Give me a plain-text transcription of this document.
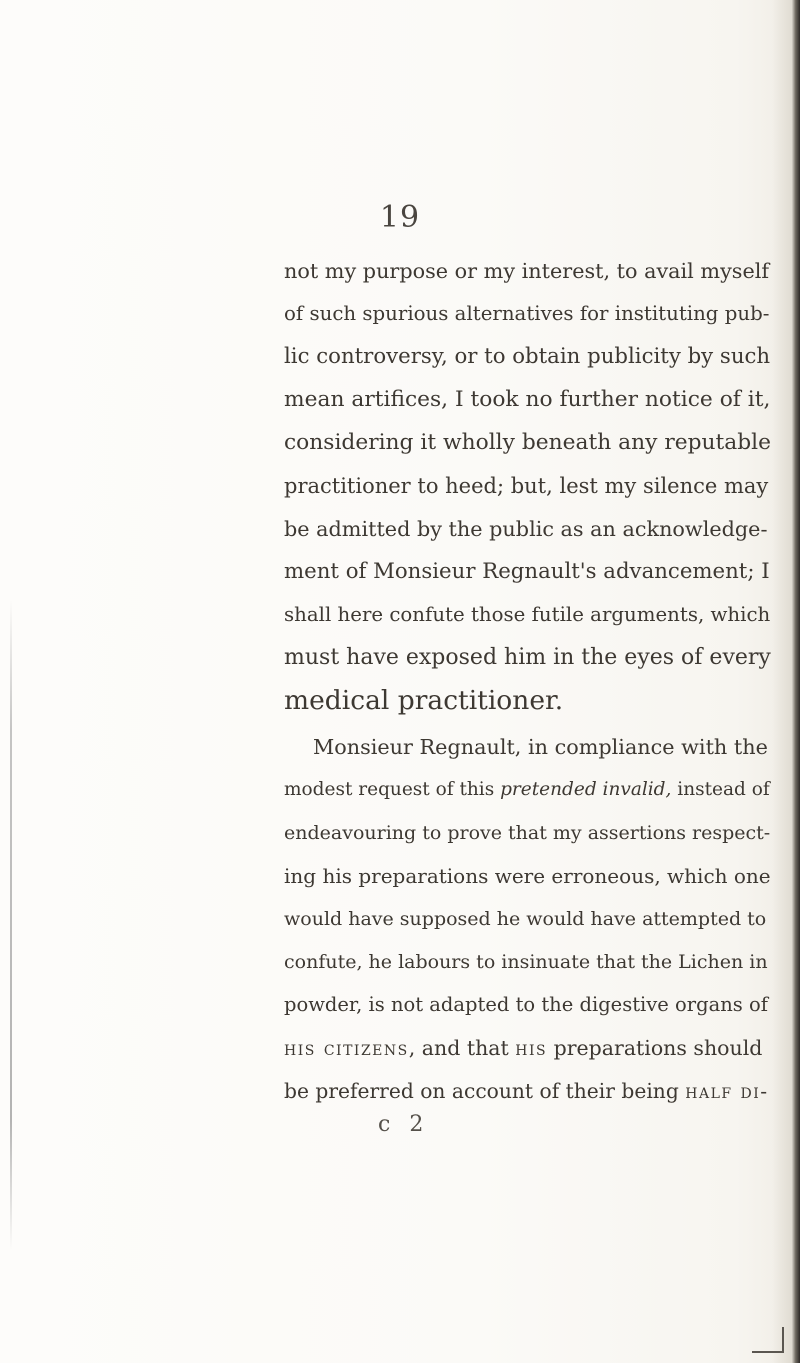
19
not my purpose or my interest, to avail myself
of such spurious alternatives for instituting pub-
lic controversy, or to obtain publicity by such
mean artifices, I took no further notice of it,
considering it wholly beneath any reputable
practitioner to heed; but, lest my silence may
be admitted by the public as an acknowledge-
ment of Monsieur Regnault's advancement; I
shall here confute those futile arguments, which
must have exposed him in the eyes of every
medical practitioner.
Monsieur Regnault, in compliance with the
modest request of this pretended invalid, instead of
endeavouring to prove that my assertions respect-
ing his preparations were erroneous, which one
would have supposed he would have attempted to
confute, he labours to insinuate that the Lichen in
powder, is not adapted to the digestive organs of
his citizens, and that his preparations should
be preferred on account of their being half di-
c 2
